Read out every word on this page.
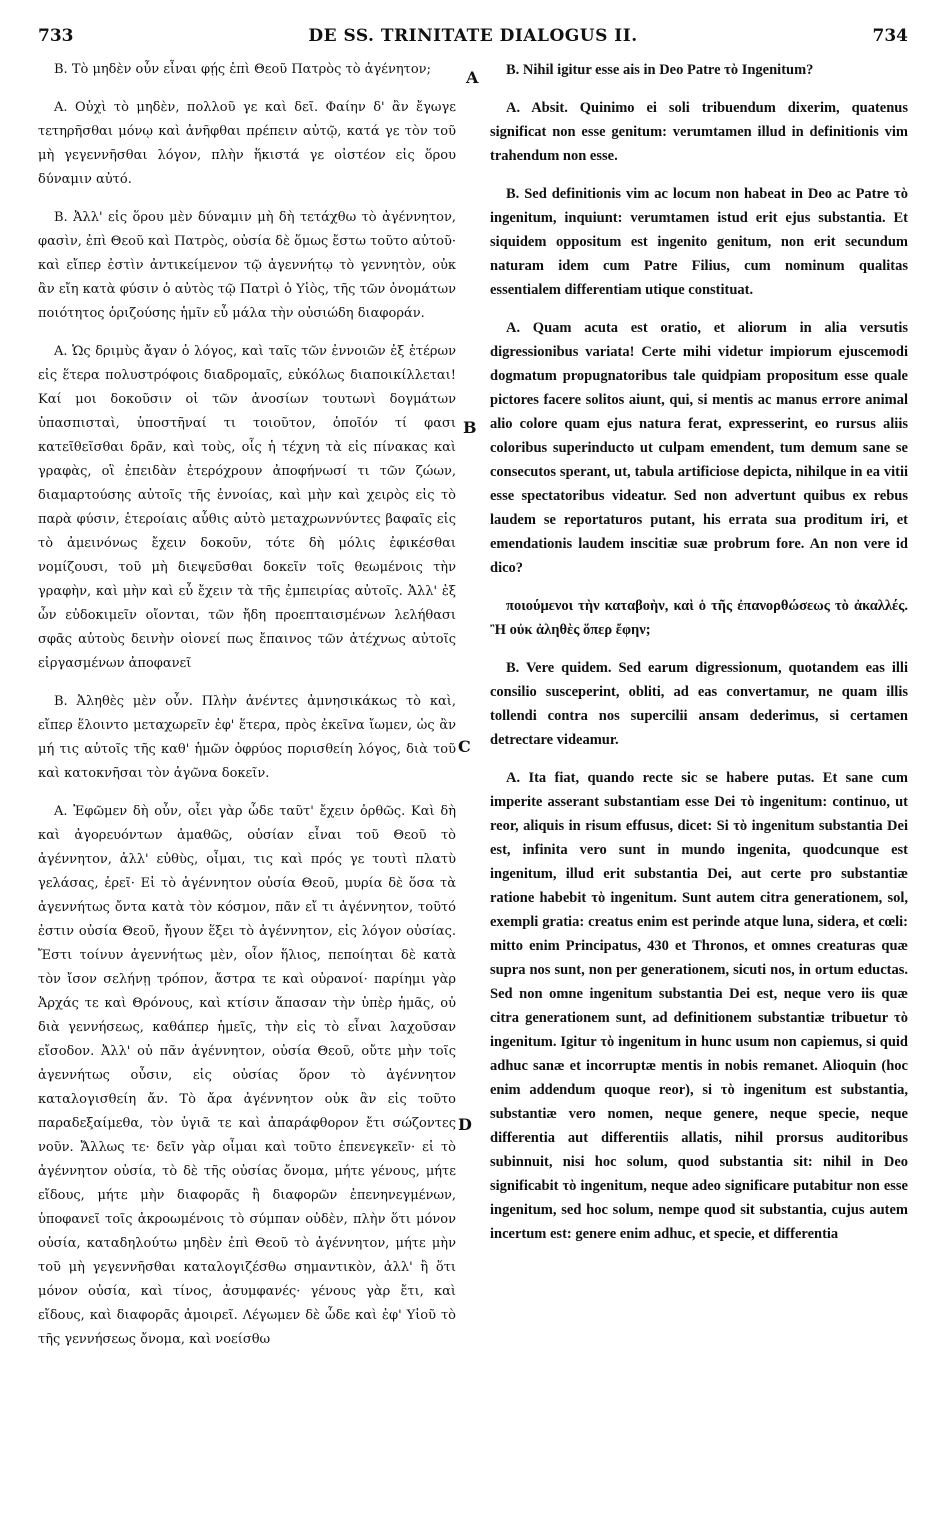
733	DE SS. TRINITATE DIALOGUS II.	734
A
B
C
D

B. Τὸ μηδὲν οὖν εἶναι φῄς ἐπὶ Θεοῦ Πατρὸς τὸ ἀγένητον;

A. Οὐχὶ τὸ μηδὲν, πολλοῦ γε καὶ δεῖ. Φαίην δ' ἂν ἔγωγε τετηρῆσθαι μόνῳ καὶ ἀνῆφθαι πρέπειν αὐτῷ, κατά γε τὸν τοῦ μὴ γεγεννῆσθαι λόγον, πλὴν ἥκιστά γε οἰστέον εἰς ὅρου δύναμιν αὐτό.

B. Ἀλλ' εἰς ὅρου μὲν δύναμιν μὴ δὴ τετάχθω τὸ ἀγέννητον, φασὶν, ἐπὶ Θεοῦ καὶ Πατρὸς, οὐσία δὲ ὅμως ἔστω τοῦτο αὐτοῦ· καὶ εἴπερ ἐστὶν ἀντικείμενον τῷ ἀγεννήτῳ τὸ γεννητὸν, οὐκ ἂν εἴη κατὰ φύσιν ὁ αὐτὸς τῷ Πατρὶ ὁ Υἱὸς, τῆς τῶν ὀνομάτων ποιότητος ὁριζούσης ἡμῖν εὖ μάλα τὴν οὐσιώδη διαφοράν.

A. Ὡς δριμὺς ἄγαν ὁ λόγος, καὶ ταῖς τῶν ἐννοιῶν ἐξ ἑτέρων εἰς ἕτερα πολυστρόφοις διαδρομαῖς, εὐκόλως διαποικίλλεται! Καί μοι δοκοῦσιν οἱ τῶν ἀνοσίων τουτωνὶ δογμάτων ὑπασπισταὶ, ὑποστῆναί τι τοιοῦτον, ὁποῖόν τί φασι κατεῖθεῖσθαι δρᾶν, καὶ τοὺς, οἷς ἡ τέχνη τὰ εἰς πίνακας καὶ γραφὰς, οἳ ἐπειδὰν ἑτερόχρουν ἀποφήνωσί τι τῶν ζώων, διαμαρτούσης αὐτοῖς τῆς ἐννοίας, καὶ μὴν καὶ χειρὸς εἰς τὸ παρὰ φύσιν, ἑτεροίαις αὖθις αὐτὸ μεταχρωννύντες βαφαῖς εἰς τὸ ἀμεινόνως ἔχειν δοκοῦν, τότε δὴ μόλις ἐφικέσθαι νομίζουσι, τοῦ μὴ διεψεῦσθαι δοκεῖν τοῖς θεωμένοις τὴν γραφὴν, καὶ μὴν καὶ εὖ ἔχειν τὰ τῆς ἐμπειρίας αὐτοῖς. Ἀλλ' ἐξ ὧν εὐδοκιμεῖν οἴονται, τῶν ἤδη προεπταισμένων λελήθασι σφᾶς αὐτοὺς δεινὴν οἱονεί πως ἔπαινος τῶν ἀτέχνως αὐτοῖς εἰργασμένων ἀποφανεῖ

B. Ἀληθὲς μὲν οὖν. Πλὴν ἀνέντες ἀμνησικάκως τὸ καὶ, εἴπερ ἕλοιντο μεταχωρεῖν ἐφ' ἕτερα, πρὸς ἐκεῖνα ἴωμεν, ὡς ἂν μή τις αὐτοῖς τῆς καθ' ἡμῶν ὀφρύος πορισθείη λόγος, διὰ τοῦ καὶ κατοκνῆσαι τὸν ἀγῶνα δοκεῖν.

A. Ἐφῶμεν δὴ οὖν, οἶει γὰρ ὧδε ταῦτ' ἔχειν ὀρθῶς. Καὶ δὴ καὶ ἀγορευόντων ἀμαθῶς, οὐσίαν εἶναι τοῦ Θεοῦ τὸ ἀγέννητον, ἀλλ' εὐθὺς, οἶμαι, τις καὶ πρός γε τουτὶ πλατὺ γελάσας, ἐρεῖ· Εἰ τὸ ἀγέννητον οὐσία Θεοῦ, μυρία δὲ ὅσα τὰ ἀγεννήτως ὄντα κατὰ τὸν κόσμον, πᾶν εἴ τι ἀγέννητον, τοῦτό ἐστιν οὐσία Θεοῦ, ἤγουν ἕξει τὸ ἀγέννητον, εἰς λόγον οὐσίας. Ἔστι τοίνυν ἀγεννήτως μὲν, οἷον ἥλιος, πεποίηται δὲ κατὰ τὸν ἴσον σελήνῃ τρόπον, ἄστρα τε καὶ οὐρανοί· παρίημι γὰρ Ἀρχάς τε καὶ Θρόνους, καὶ κτίσιν ἅπασαν τὴν ὑπὲρ ἡμᾶς, οὐ διὰ γεννήσεως, καθάπερ ἡμεῖς, τὴν εἰς τὸ εἶναι λαχοῦσαν εἴσοδον. Ἀλλ' οὐ πᾶν ἀγέννητον, οὐσία Θεοῦ, οὔτε μὴν τοῖς ἀγεννήτως οὖσιν, εἰς οὐσίας ὅρον τὸ ἀγέννητον καταλογισθείη ἄν. Τὸ ἄρα ἀγέννητον οὐκ ἂν εἰς τοῦτο παραδεξαίμεθα, τὸν ὑγιᾶ τε καὶ ἀπαράφθορον ἔτι σώζοντες νοῦν. Ἄλλως τε· δεῖν γὰρ οἶμαι καὶ τοῦτο ἐπενεγκεῖν· εἰ τὸ ἀγέννητον οὐσία, τὸ δὲ τῆς οὐσίας ὄνομα, μήτε γένους, μήτε εἴδους, μήτε μὴν διαφορᾶς ἢ διαφορῶν ἐπενηνεγμένων, ὑποφανεῖ τοῖς ἀκροωμένοις τὸ σύμπαν οὐδὲν, πλὴν ὅτι μόνον οὐσία, καταδηλούτω μηδὲν ἐπὶ Θεοῦ τὸ ἀγέννητον, μήτε μὴν τοῦ μὴ γεγεννῆσθαι καταλογιζέσθω σημαντικὸν, ἀλλ' ἢ ὅτι μόνον οὐσία, καὶ τίνος, ἀσυμφανές· γένους γὰρ ἔτι, καὶ εἴδους, καὶ διαφορᾶς ἀμοιρεῖ. Λέγωμεν δὲ ὧδε καὶ ἐφ' Υἱοῦ τὸ τῆς γεννήσεως ὄνομα, καὶ νοείσθω

B. Nihil igitur esse ais in Deo Patre τὸ Ingenitum?

A. Absit. Quinimo ei soli tribuendum dixerim, quatenus significat non esse genitum: verumtamen illud in definitionis vim trahendum non esse.

B. Sed definitionis vim ac locum non habeat in Deo ac Patre τὸ ingenitum, inquiunt: verumtamen istud erit ejus substantia. Et siquidem oppositum est ingenito genitum, non erit secundum naturam idem cum Patre Filius, cum nominum qualitas essentialem differentiam utique constituat.

A. Quam acuta est oratio, et aliorum in alia versutis digressionibus variata! Certe mihi videtur impiorum ejuscemodi dogmatum propugnatoribus tale quidpiam propositum esse quale pictores facere solitos aiunt, qui, si mentis ac manus errore animal alio colore quam ejus natura ferat, expresserint, eo rursus aliis coloribus superinducto ut culpam emendent, tum demum sane se consecutos sperant, ut, tabula artificiose depicta, nihilque in ea vitii esse spectatoribus videatur. Sed non advertunt quibus ex rebus laudem se reportaturos putant, his errata sua proditum iri, et emendationis laudem inscitiæ suæ probrum fore. An non vere id dico?

ποιούμενοι τὴν καταβοὴν, καὶ ὁ τῆς ἐπανορθώσεως τὸ ἀκαλλές. Ἢ οὐκ ἀληθὲς ὅπερ ἔφην;

B. Vere quidem. Sed earum digressionum, quotandem eas illi consilio susceperint, obliti, ad eas convertamur, ne quam illis tollendi contra nos supercilii ansam dederimus, si certamen detrectare videamur.

A. Ita fiat, quando recte sic se habere putas. Et sane cum imperite asserant substantiam esse Dei τὸ ingenitum: continuo, ut reor, aliquis in risum effusus, dicet: Si τὸ ingenitum substantia Dei est, infinita vero sunt in mundo ingenita, quodcunque est ingenitum, illud erit substantia Dei, aut certe pro substantiæ ratione habebit τὸ ingenitum. Sunt autem citra generationem, sol, exempli gratia: creatus enim est perinde atque luna, sidera, et cœli: mitto enim Principatus, 430 et Thronos, et omnes creaturas quæ supra nos sunt, non per generationem, sicuti nos, in ortum eductas. Sed non omne ingenitum substantia Dei est, neque vero iis quæ citra generationem sunt, ad definitionem substantiæ tribuetur τὸ ingenitum. Igitur τὸ ingenitum in hunc usum non capiemus, si quid adhuc sanæ et incorruptæ mentis in nobis remanet. Alioquin (hoc enim addendum quoque reor), si τὸ ingenitum est substantia, substantiæ vero nomen, neque genere, neque specie, neque differentia aut differentiis allatis, nihil prorsus auditoribus subinnuit, nisi hoc solum, quod substantia sit: nihil in Deo significabit τὸ ingenitum, neque adeo significare putabitur non esse ingenitum, sed hoc solum, nempe quod sit substantia, cujus autem incertum est: genere enim adhuc, et specie, et differentia
